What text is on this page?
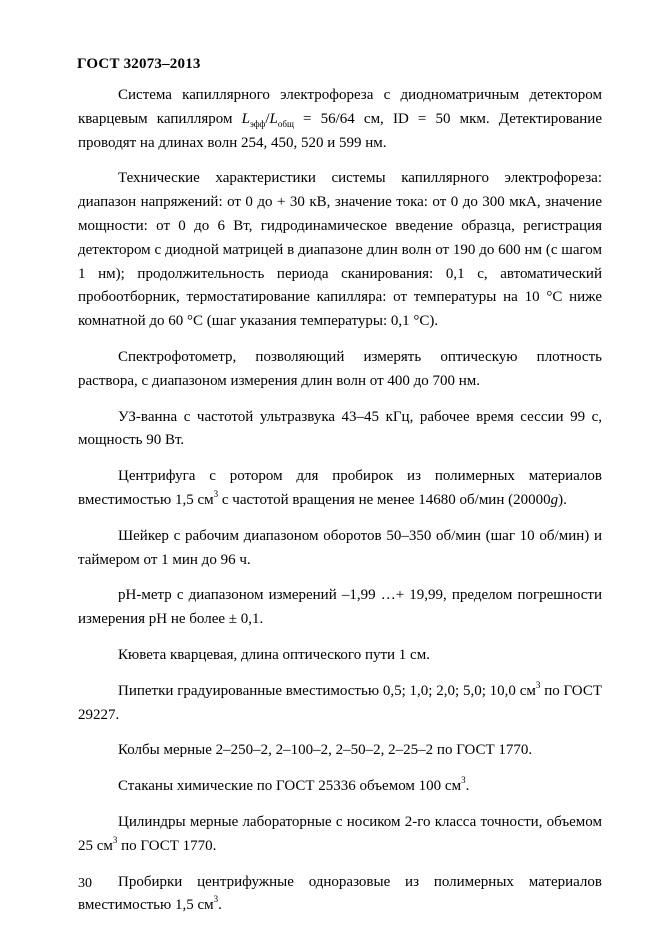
ГОСТ 32073–2013

Система капиллярного электрофореза с диодноматричным детектором кварцевым капилляром $L_{эфф}/L_{общ} = 56/64$ см, ID = 50 мкм. Детектирование проводят на длинах волн 254, 450, 520 и 599 нм.

Технические характеристики системы капиллярного электрофореза: диапазон напряжений: от 0 до + 30 кВ, значение тока: от 0 до 300 мкА, значение мощности: от 0 до 6 Вт, гидродинамическое введение образца, регистрация детектором с диодной матрицей в диапазоне длин волн от 190 до 600 нм (с шагом 1 нм); продолжительность периода сканирования: 0,1 с, автоматический пробоотборник, термостатирование капилляра: от температуры на 10 °С ниже комнатной до 60 °С (шаг указания температуры: 0,1 °С).

Спектрофотометр, позволяющий измерять оптическую плотность раствора, с диапазоном измерения длин волн от 400 до 700 нм.

УЗ-ванна с частотой ультразвука 43–45 кГц, рабочее время сессии 99 с, мощность 90 Вт.

Центрифуга с ротором для пробирок из полимерных материалов вместимостью 1,5 $см^3$ с частотой вращения не менее 14680 об/мин (20000g).

Шейкер с рабочим диапазоном оборотов 50–350 об/мин (шаг 10 об/мин) и таймером от 1 мин до 96 ч.

рН-метр с диапазоном измерений –1,99 …+ 19,99, пределом погрешности измерения рН не более ± 0,1.

Кювета кварцевая, длина оптического пути 1 см.

Пипетки градуированные вместимостью 0,5; 1,0; 2,0; 5,0; 10,0 $см^3$ по ГОСТ 29227.

Колбы мерные 2–250–2, 2–100–2, 2–50–2, 2–25–2 по ГОСТ 1770.

Стаканы химические по ГОСТ 25336 объемом 100 $см^3$.

Цилиндры мерные лабораторные с носиком 2-го класса точности, объемом 25 $см^3$ по ГОСТ 1770.

Пробирки центрифужные одноразовые из полимерных материалов вместимостью 1,5 $см^3$.

30
